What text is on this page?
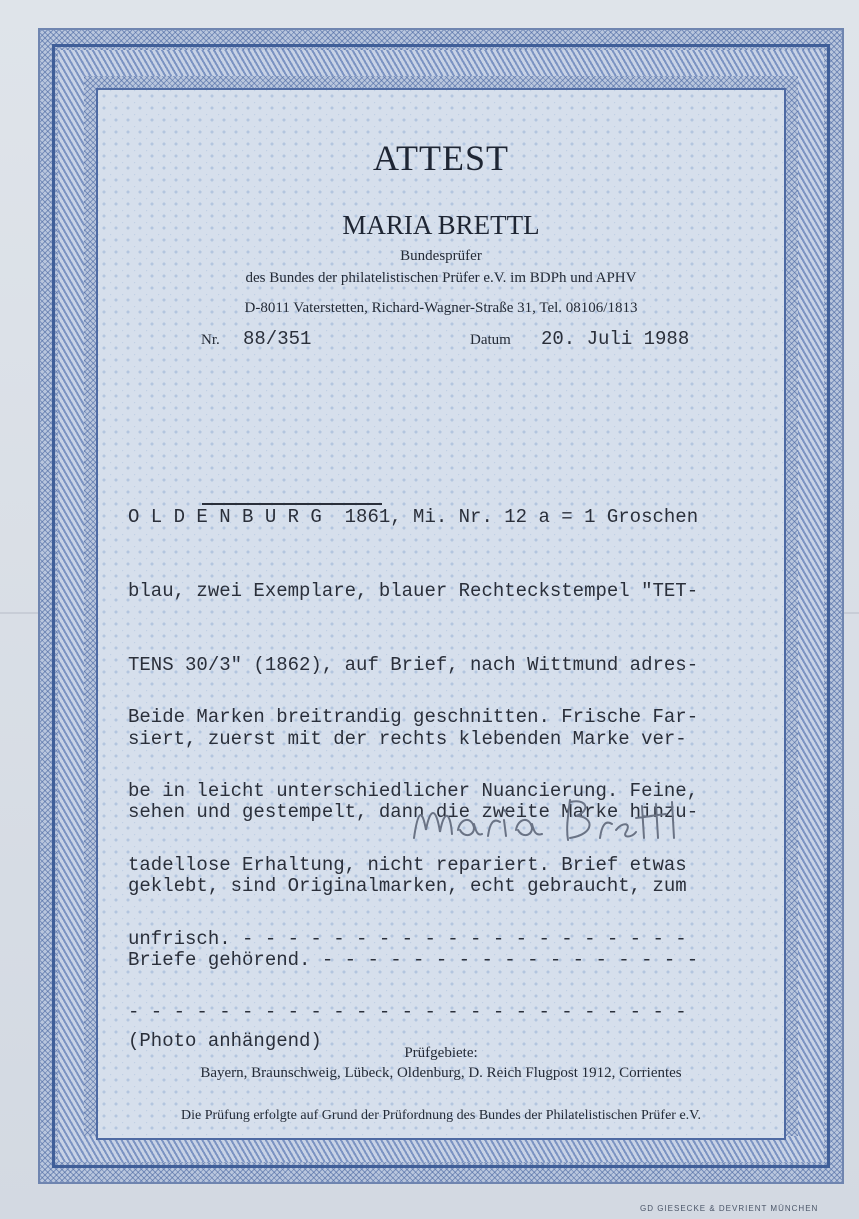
ATTEST
MARIA BRETTL
Bundesprüfer
des Bundes der philatelistischen Prüfer e.V. im BDPh und APHV
D-8011 Vaterstetten, Richard-Wagner-Straße 31, Tel. 08106/1813
Nr. 88/351	Datum 20. Juli 1988

O L D E N B U R G  1861, Mi. Nr. 12 a = 1 Groschen

blau, zwei Exemplare, blauer Rechteckstempel "TET-

TENS 30/3" (1862), auf Brief, nach Wittmund adres-

siert, zuerst mit der rechts klebenden Marke ver-

sehen und gestempelt, dann die zweite Marke hinzu-

geklebt, sind Originalmarken, echt gebraucht, zum

Briefe gehörend. - - - - - - - - - - - - - - - - -

Beide Marken breitrandig geschnitten. Frische Far-

be in leicht unterschiedlicher Nuancierung. Feine,

tadellose Erhaltung, nicht repariert. Brief etwas

unfrisch. - - - - - - - - - - - - - - - - - - - -

- - - - - - - - - - - - - - - - - - - - - - - - -

(Photo anhängend)
Prüfgebiete:
Bayern, Braunschweig, Lübeck, Oldenburg, D. Reich Flugpost 1912, Corrientes
Die Prüfung erfolgte auf Grund der Prüfordnung des Bundes der Philatelistischen Prüfer e.V.
GD GIESECKE & DEVRIENT MÜNCHEN
